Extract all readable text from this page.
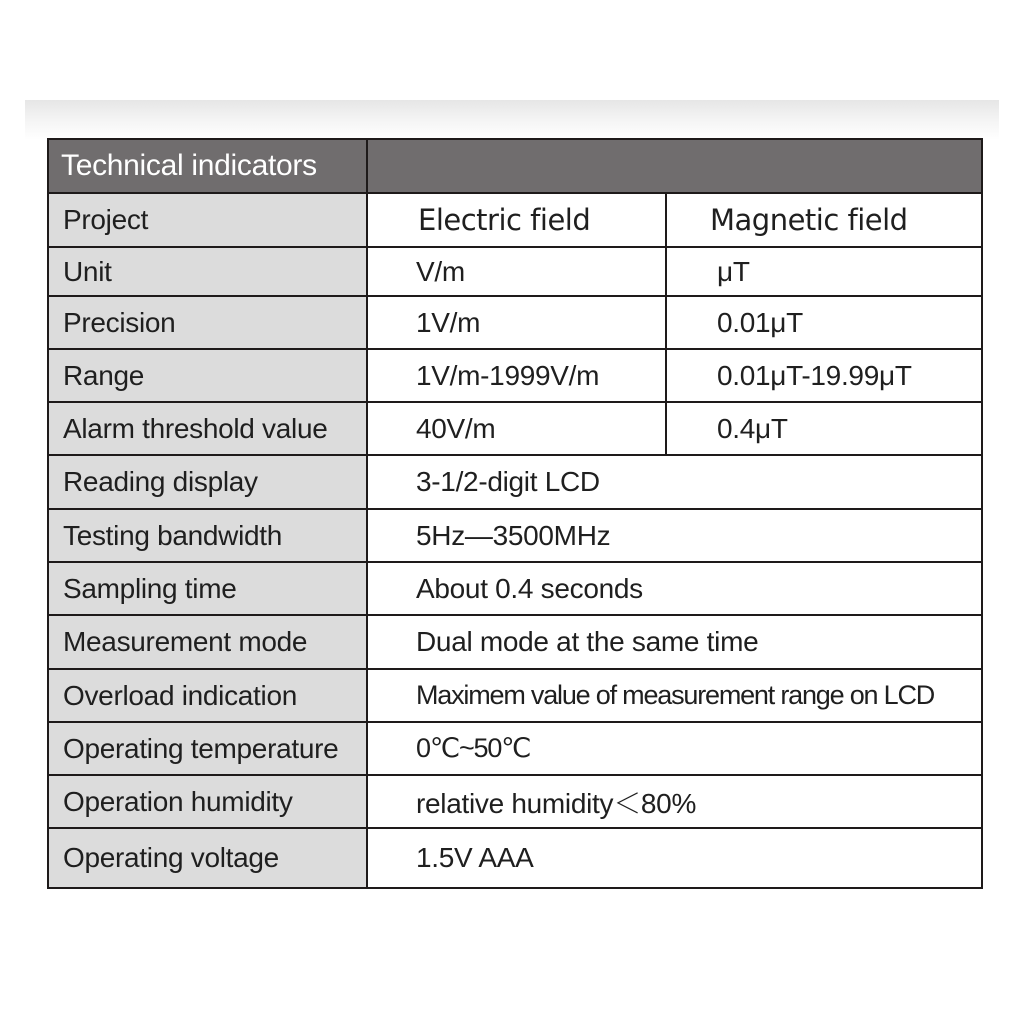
Technical indicators		
Project	Electric field	Magnetic field
Unit	V/m	μT
Precision	1V/m	0.01μT
Range	1V/m-1999V/m	0.01μT-19.99μT
Alarm threshold value	40V/m	0.4μT
Reading display	3-1/2-digit LCD	
Testing bandwidth	5Hz—3500MHz	
Sampling time	About 0.4 seconds	
Measurement mode	Dual mode at the same time	
Overload indication	Maximem value of measurement range on LCD	
Operating temperature	0℃~50℃	
Operation humidity	relative humidity＜80%	
Operating voltage	1.5V AAA	
